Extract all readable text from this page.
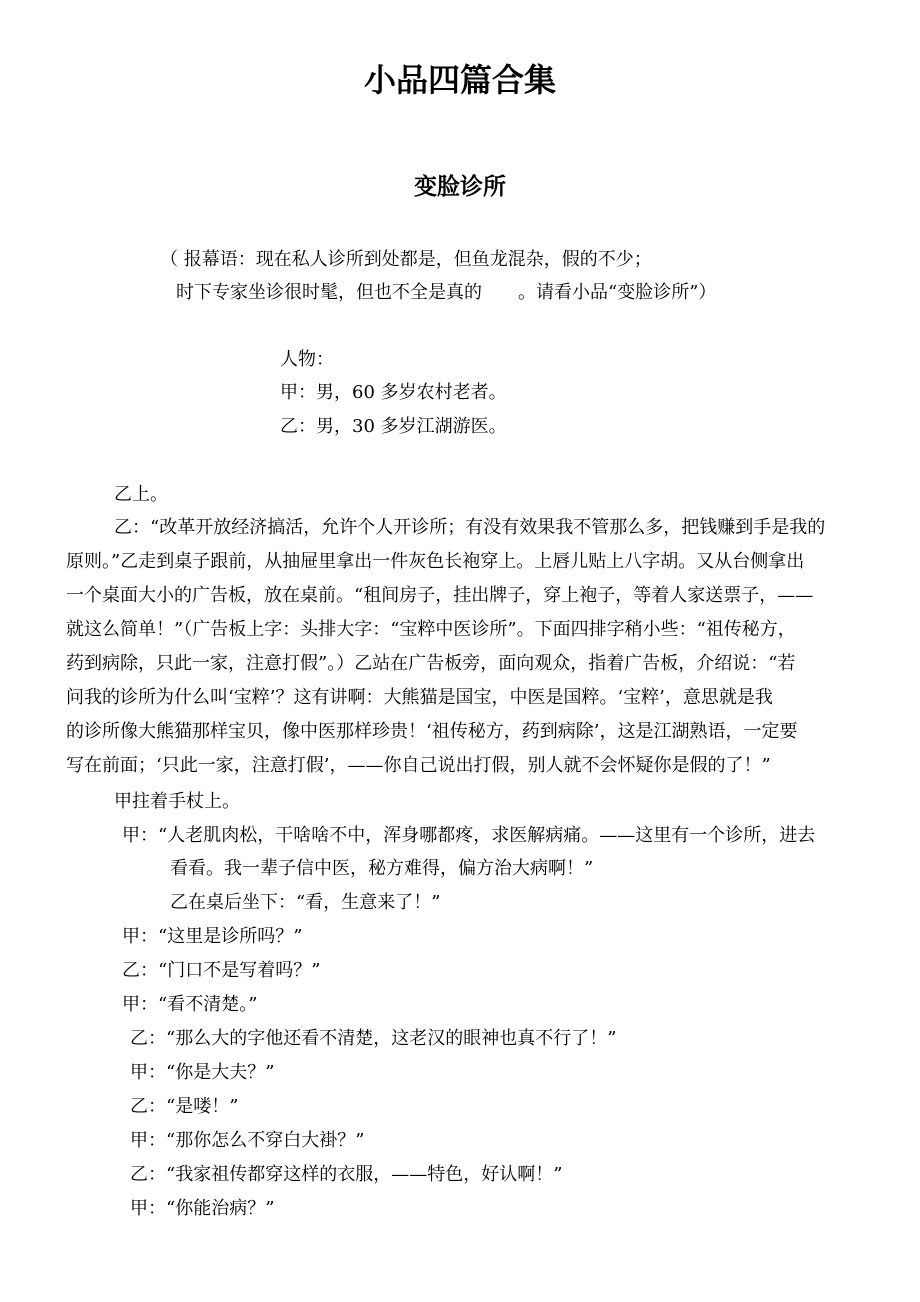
小品四篇合集
变脸诊所
（ 报幕语：现在私人诊所到处都是，但鱼龙混杂，假的不少；
时下专家坐诊很时髦，但也不全是真的　　。请看小品“变脸诊所”）
人物：
甲：男，60 多岁农村老者。
乙：男，30 多岁江湖游医。
乙上。
乙：“改革开放经济搞活，允许个人开诊所；有没有效果我不管那么多，把钱赚到手是我的
原则。”乙走到桌子跟前，从抽屉里拿出一件灰色长袍穿上。上唇儿贴上八字胡。又从台侧拿出
一个桌面大小的广告板，放在桌前。“租间房子，挂出牌子，穿上袍子，等着人家送票子，——
就这么简单！”（广告板上字：头排大字：“宝粹中医诊所”。下面四排字稍小些：“祖传秘方，
药到病除，只此一家，注意打假”。）乙站在广告板旁，面向观众，指着广告板，介绍说：“若
问我的诊所为什么叫‘宝粹’？这有讲啊：大熊猫是国宝，中医是国粹。‘宝粹’，意思就是我
的诊所像大熊猫那样宝贝，像中医那样珍贵！‘祖传秘方，药到病除’，这是江湖熟语，一定要
写在前面；‘只此一家，注意打假’，——你自己说出打假，别人就不会怀疑你是假的了！”
甲拄着手杖上。
甲：“人老肌肉松，干啥啥不中，浑身哪都疼，求医解病痛。——这里有一个诊所，进去
看看。我一辈子信中医，秘方难得，偏方治大病啊！”
乙在桌后坐下：“看，生意来了！”
甲：“这里是诊所吗？”
乙：“门口不是写着吗？”
甲：“看不清楚。”
乙：“那么大的字他还看不清楚，这老汉的眼神也真不行了！”
甲：“你是大夫？”
乙：“是喽！”
甲：“那你怎么不穿白大褂？”
乙：“我家祖传都穿这样的衣服，——特色，好认啊！”
甲：“你能治病？”
